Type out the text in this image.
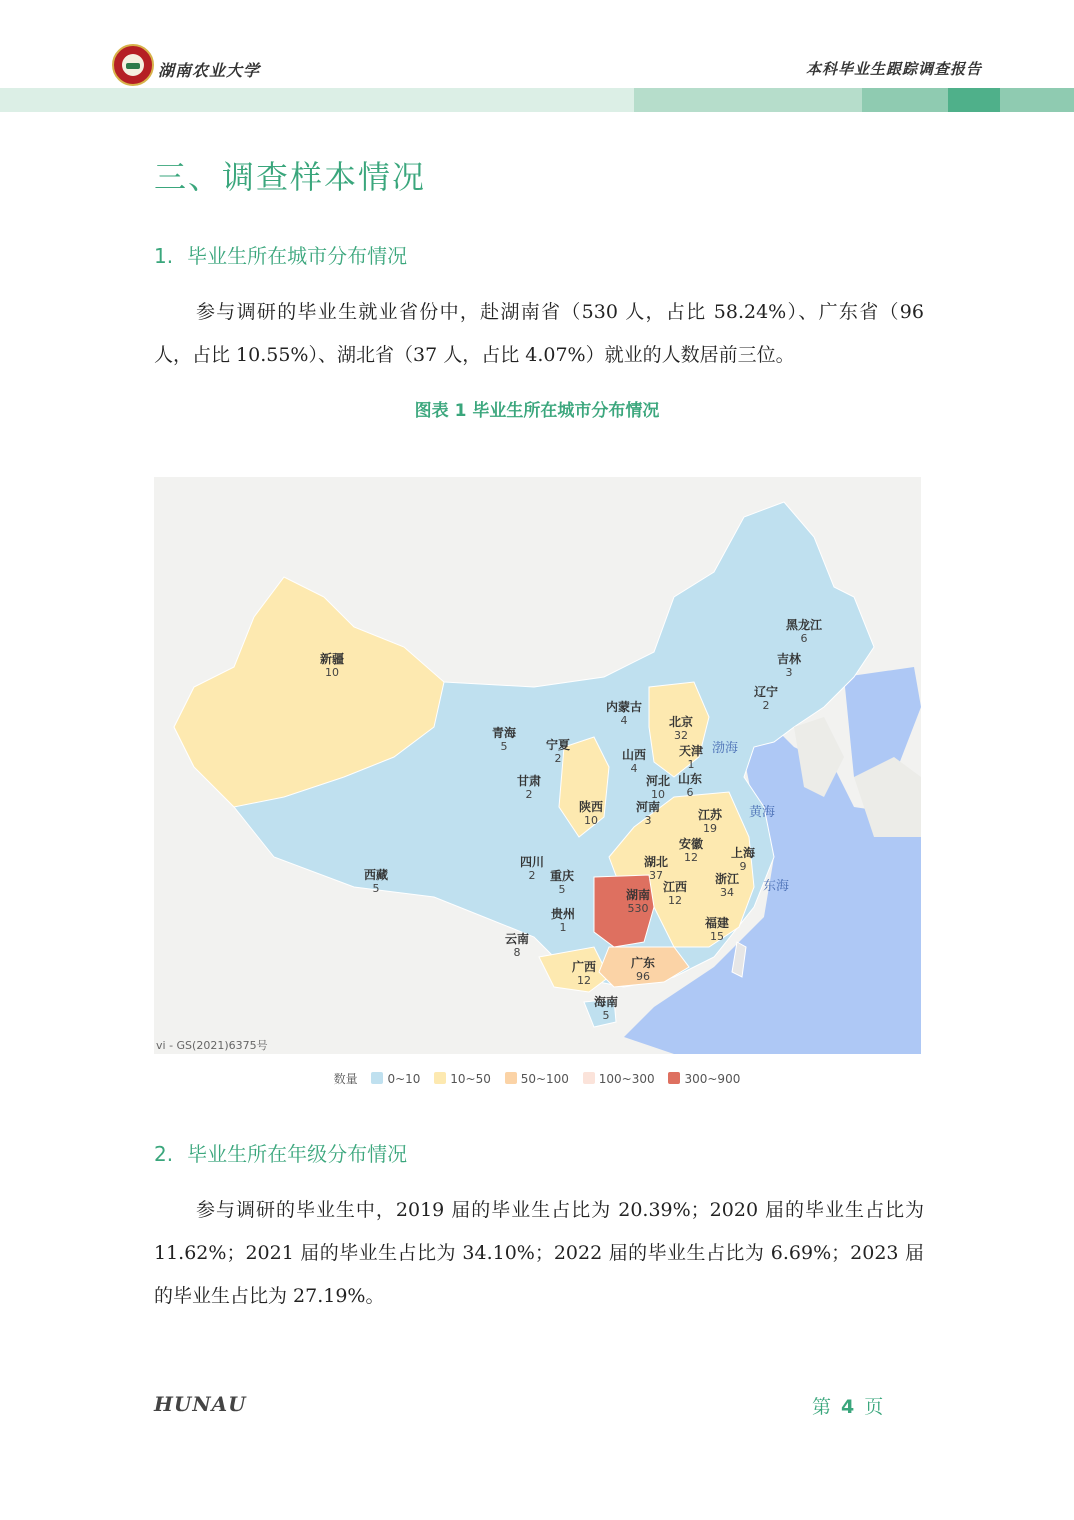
湖南农业大学	本科毕业生跟踪调查报告
三、调查样本情况
1. 毕业生所在城市分布情况
参与调研的毕业生就业省份中，赴湖南省（530 人，占比 58.24%）、广东省（96 人，占比 10.55%）、湖北省（37 人，占比 4.07%）就业的人数居前三位。
图表 1 毕业生所在城市分布情况
黑龙江
6
吉林
3
辽宁
2
内蒙古
4	北京
32
天津
1
新疆
10
青海
5	宁夏
2	山西
4
甘肃
2
河北
10
山东
6
陕西
10
河南
3	江苏
19
安徽
12	上海
9
西藏
5
四川
2
湖北
37
重庆
5
浙江
34
湖南
530
江西
12
贵州
1	福建
15
云南
8
广西
12
广东
96
海南
5
渤海
黄海
东海
vi - GS(2021)6375号
数量 0~10 10~50 50~100 100~300 300~900
2. 毕业生所在年级分布情况
参与调研的毕业生中，2019 届的毕业生占比为 20.39%；2020 届的毕业生占比为 11.62%；2021 届的毕业生占比为 34.10%；2022 届的毕业生占比为 6.69%；2023 届的毕业生占比为 27.19%。
HUNAU	第 4 页
